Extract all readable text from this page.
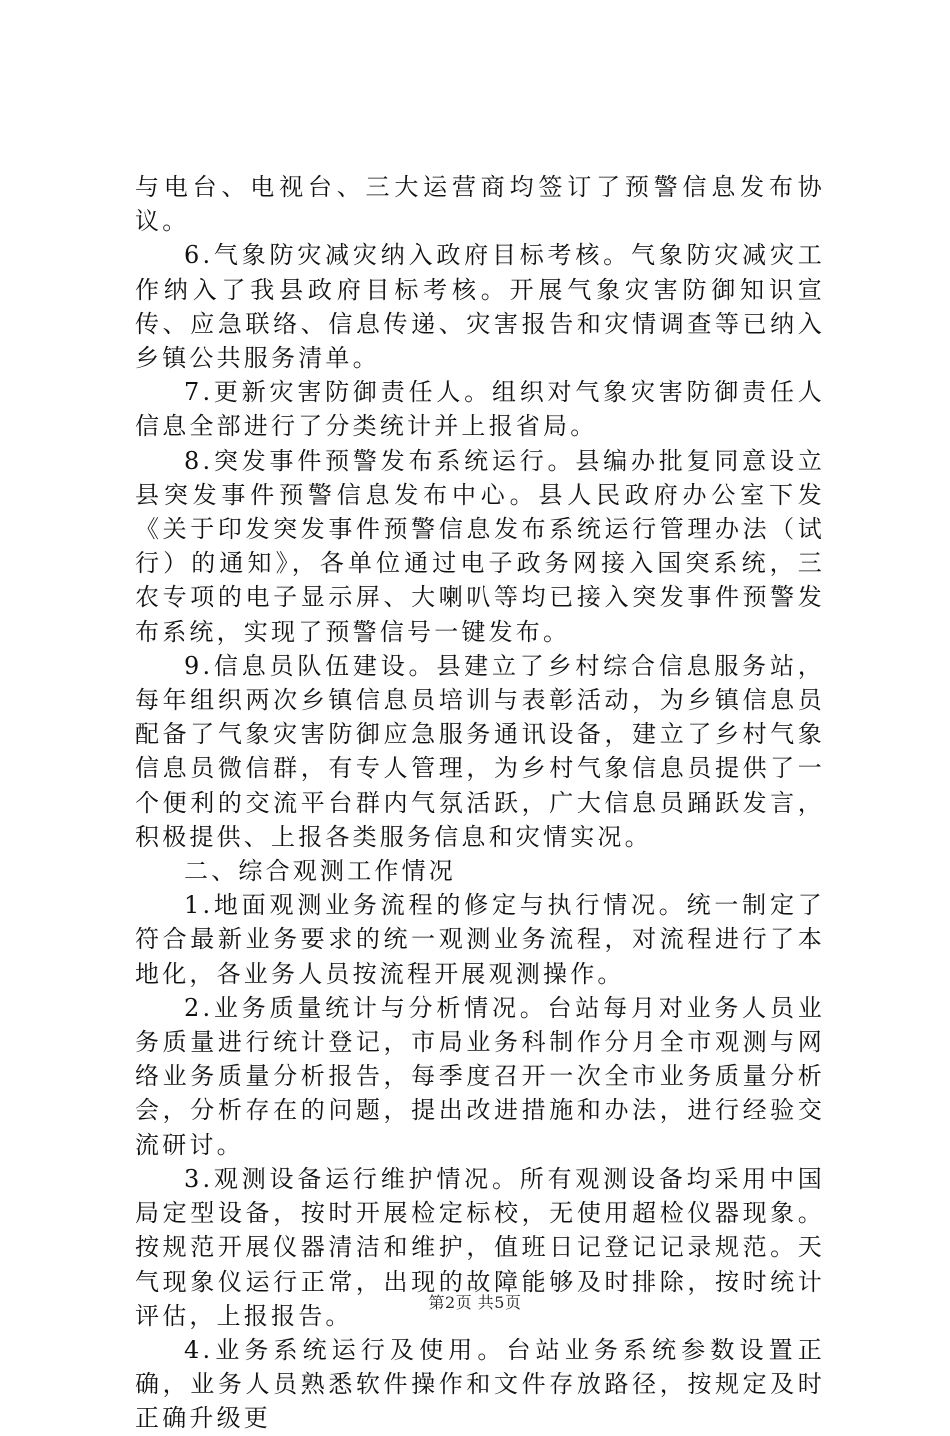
与电台、电视台、三大运营商均签订了预警信息发布协议。

6.气象防灾减灾纳入政府目标考核。气象防灾减灾工作纳入了我县政府目标考核。开展气象灾害防御知识宣传、应急联络、信息传递、灾害报告和灾情调查等已纳入乡镇公共服务清单。

7.更新灾害防御责任人。组织对气象灾害防御责任人信息全部进行了分类统计并上报省局。

8.突发事件预警发布系统运行。县编办批复同意设立县突发事件预警信息发布中心。县人民政府办公室下发《关于印发突发事件预警信息发布系统运行管理办法（试行）的通知》，各单位通过电子政务网接入国突系统，三农专项的电子显示屏、大喇叭等均已接入突发事件预警发布系统，实现了预警信号一键发布。

9.信息员队伍建设。县建立了乡村综合信息服务站，每年组织两次乡镇信息员培训与表彰活动，为乡镇信息员配备了气象灾害防御应急服务通讯设备，建立了乡村气象信息员微信群，有专人管理，为乡村气象信息员提供了一个便利的交流平台群内气氛活跃，广大信息员踊跃发言，积极提供、上报各类服务信息和灾情实况。

二、综合观测工作情况

1.地面观测业务流程的修定与执行情况。统一制定了符合最新业务要求的统一观测业务流程，对流程进行了本地化，各业务人员按流程开展观测操作。

2.业务质量统计与分析情况。台站每月对业务人员业务质量进行统计登记，市局业务科制作分月全市观测与网络业务质量分析报告，每季度召开一次全市业务质量分析会，分析存在的问题，提出改进措施和办法，进行经验交流研讨。

3.观测设备运行维护情况。所有观测设备均采用中国局定型设备，按时开展检定标校，无使用超检仪器现象。按规范开展仪器清洁和维护，值班日记登记记录规范。天气现象仪运行正常，出现的故障能够及时排除，按时统计评估，上报报告。

4.业务系统运行及使用。台站业务系统参数设置正确，业务人员熟悉软件操作和文件存放路径，按规定及时正确升级更

第2页 共5页
